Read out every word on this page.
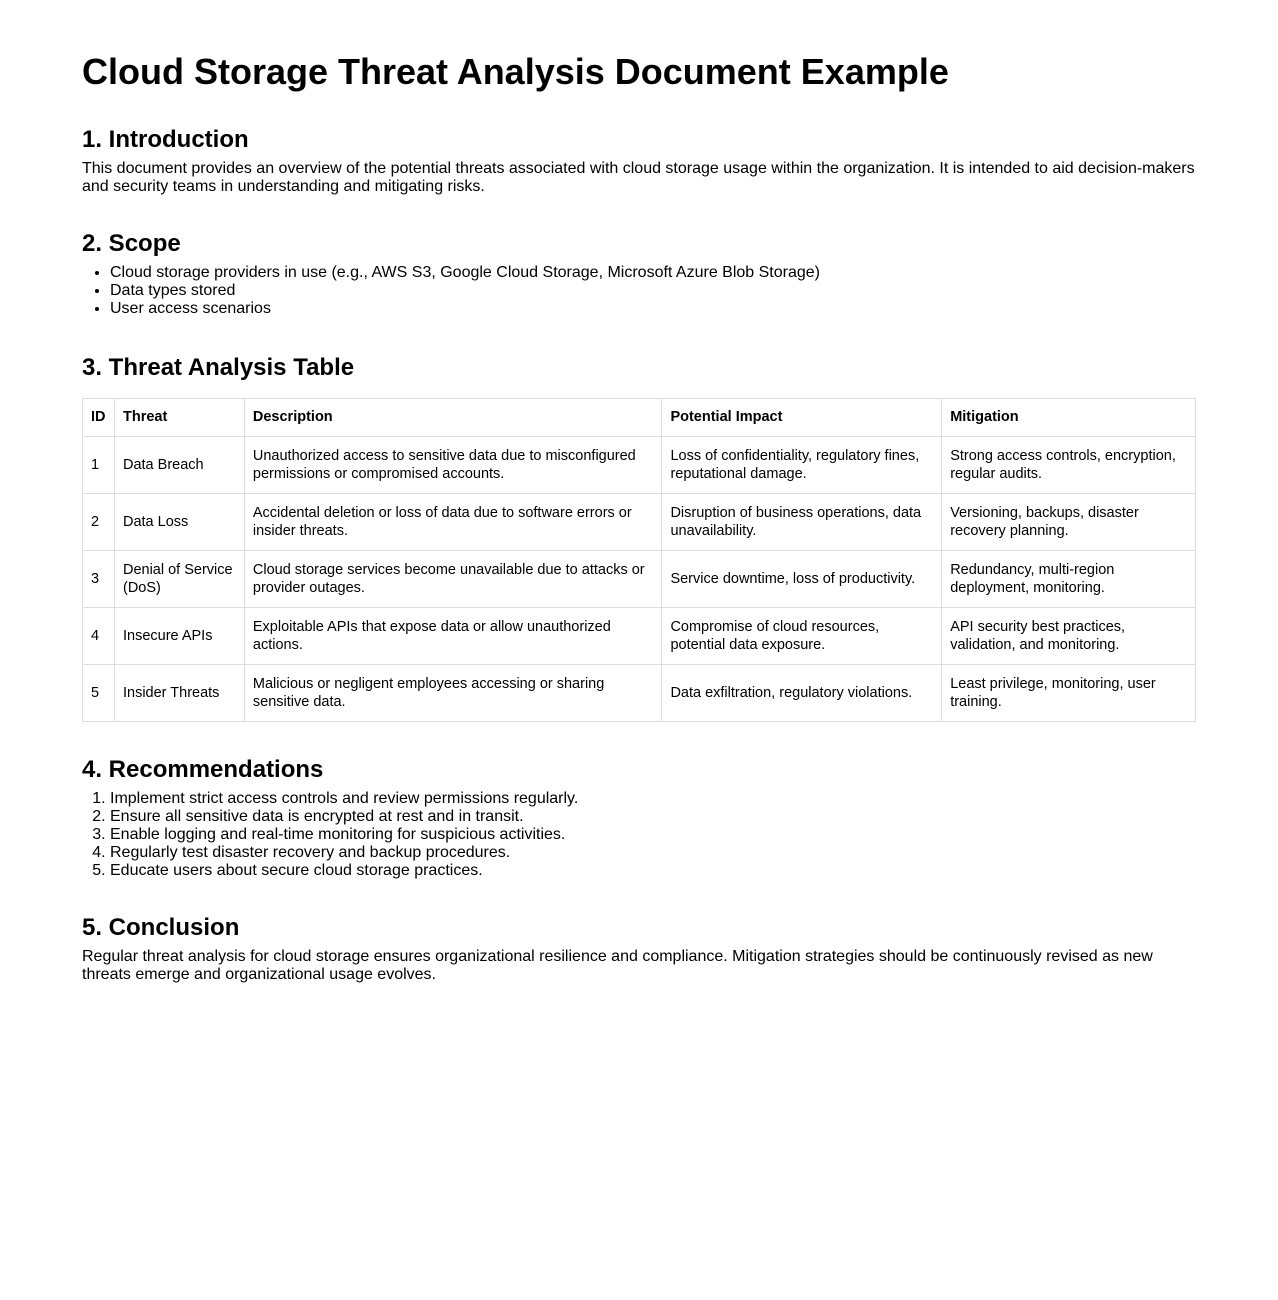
Cloud Storage Threat Analysis Document Example
1. Introduction

This document provides an overview of the potential threats associated with cloud storage usage within the organization. It is intended to aid decision-makers and security teams in understanding and mitigating risks.

2. Scope
• Cloud storage providers in use (e.g., AWS S3, Google Cloud Storage, Microsoft Azure Blob Storage)
• Data types stored
• User access scenarios
3. Threat Analysis Table
ID	Threat	Description	Potential Impact	Mitigation
1	Data Breach	Unauthorized access to sensitive data due to misconfigured permissions or compromised accounts.	Loss of confidentiality, regulatory fines, reputational damage.	Strong access controls, encryption, regular audits.
2	Data Loss	Accidental deletion or loss of data due to software errors or insider threats.	Disruption of business operations, data unavailability.	Versioning, backups, disaster recovery planning.
3	Denial of Service (DoS)	Cloud storage services become unavailable due to attacks or provider outages.	Service downtime, loss of productivity.	Redundancy, multi-region deployment, monitoring.
4	Insecure APIs	Exploitable APIs that expose data or allow unauthorized actions.	Compromise of cloud resources, potential data exposure.	API security best practices, validation, and monitoring.
5	Insider Threats	Malicious or negligent employees accessing or sharing sensitive data.	Data exfiltration, regulatory violations.	Least privilege, monitoring, user training.
4. Recommendations
1. Implement strict access controls and review permissions regularly.
2. Ensure all sensitive data is encrypted at rest and in transit.
3. Enable logging and real-time monitoring for suspicious activities.
4. Regularly test disaster recovery and backup procedures.
5. Educate users about secure cloud storage practices.
5. Conclusion

Regular threat analysis for cloud storage ensures organizational resilience and compliance. Mitigation strategies should be continuously revised as new threats emerge and organizational usage evolves.
